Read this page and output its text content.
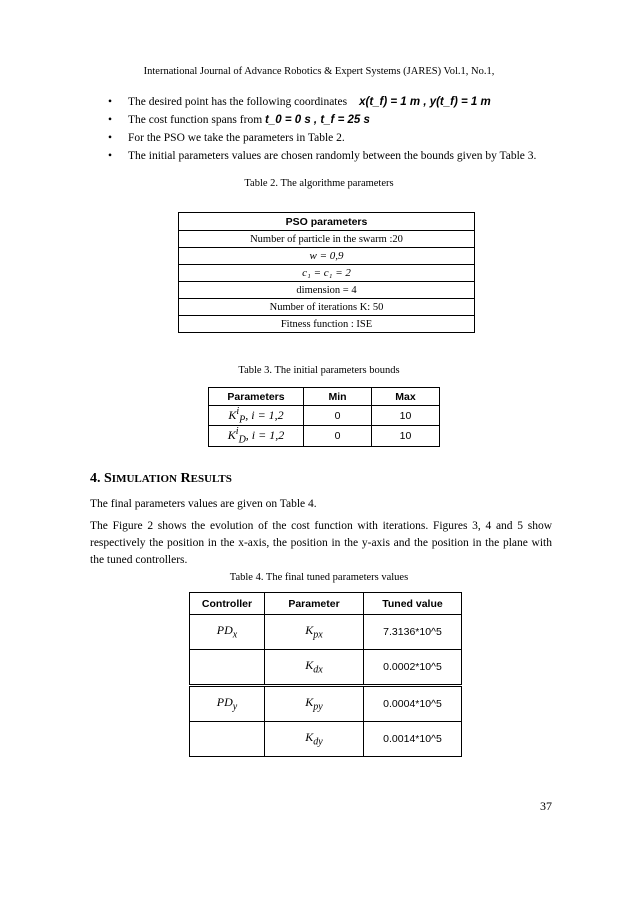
International Journal of Advance Robotics & Expert Systems (JARES) Vol.1, No.1,
• The desired point has the following coordinates x(t_f) = 1 m , y(t_f) = 1 m
• The cost function spans from t_0 = 0 s , t_f = 25 s
• For the PSO we take the parameters in Table 2.
• The initial parameters values are chosen randomly between the bounds given by Table 3.
Table 2. The algorithme parameters
PSO parameters
Number of particle in the swarm :20
w = 0,9
c₁ = c₁ = 2
dimension = 4
Number of iterations K: 50
Fitness function : ISE
Table 3. The initial parameters bounds
Parameters	Min	Max
$K^i_P$, i = 1,2	0	10
$K^i_D$, i = 1,2	0	10
4. SIMULATION RESULTS
The final parameters values are given on Table 4.
The Figure 2 shows the evolution of the cost function with iterations. Figures 3, 4 and 5 show respectively the position in the x-axis, the position in the y-axis and the position in the plane with the tuned controllers.
Table 4. The final tuned parameters values
Controller	Parameter	Tuned value
$PD_x$	$K_{px}$	7.3136*10^5
	$K_{dx}$	0.0002*10^5
$PD_y$	$K_{py}$	0.0004*10^5
	$K_{dy}$	0.0014*10^5
37
